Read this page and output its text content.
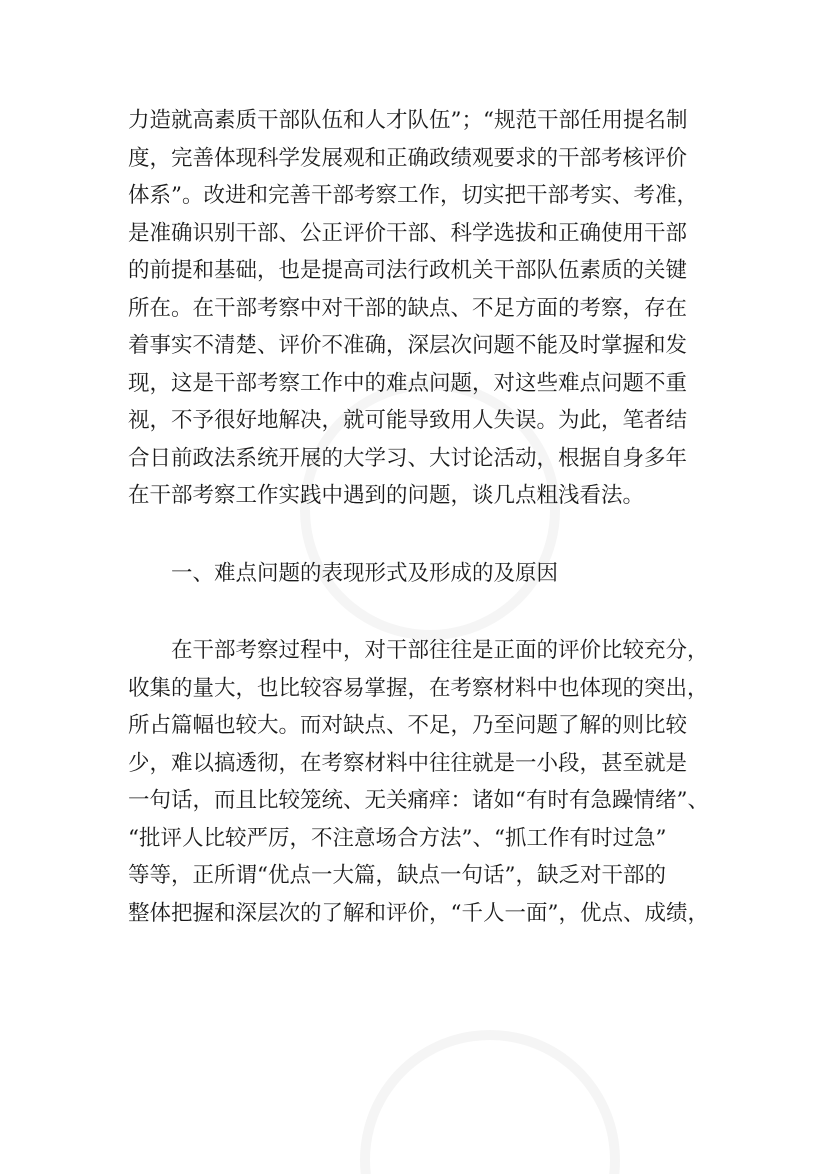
力造就高素质干部队伍和人才队伍”；“规范干部任用提名制
度，完善体现科学发展观和正确政绩观要求的干部考核评价
体系”。改进和完善干部考察工作，切实把干部考实、考准，
是准确识别干部、公正评价干部、科学选拔和正确使用干部
的前提和基础，也是提高司法行政机关干部队伍素质的关键
所在。在干部考察中对干部的缺点、不足方面的考察，存在
着事实不清楚、评价不准确，深层次问题不能及时掌握和发
现，这是干部考察工作中的难点问题，对这些难点问题不重
视，不予很好地解决，就可能导致用人失误。为此，笔者结
合日前政法系统开展的大学习、大讨论活动，根据自身多年
在干部考察工作实践中遇到的问题，谈几点粗浅看法。
一、难点问题的表现形式及形成的及原因
在干部考察过程中，对干部往往是正面的评价比较充分，
收集的量大，也比较容易掌握，在考察材料中也体现的突出，
所占篇幅也较大。而对缺点、不足，乃至问题了解的则比较
少，难以搞透彻，在考察材料中往往就是一小段，甚至就是
一句话，而且比较笼统、无关痛痒：诸如“有时有急躁情绪”、
“批评人比较严厉，不注意场合方法”、“抓工作有时过急”
等等，正所谓“优点一大篇，缺点一句话”，缺乏对干部的
整体把握和深层次的了解和评价，“千人一面”，优点、成绩，
